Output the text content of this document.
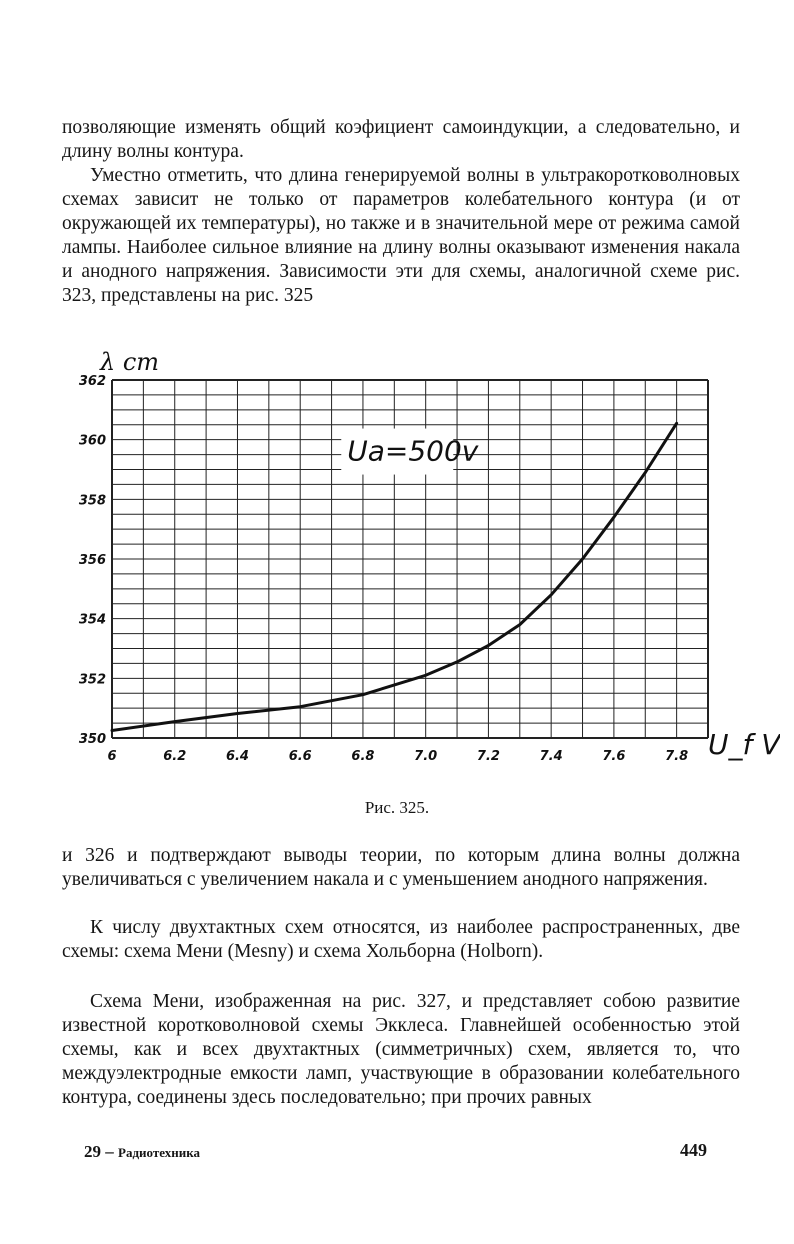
позволяющие изменять общий коэфициент самоиндукции, а следовательно, и длину волны контура.

Уместно отметить, что длина генерируемой волны в ультракоротковолновых схемах зависит не только от параметров колебательного контура (и от окружающей их температуры), но также и в значительной мере от режима самой лампы. Наиболее сильное влияние на длину волны оказывают изменения накала и анодного напряжения. Зависимости эти для схемы, аналогичной схеме рис. 323, представлены на рис. 325

350
352
354
356
358
360
362
6	6.2	6.4	6.6	6.8	7.0	7.2	7.4	7.6	7.8
Ua=500v
λ cm
U_f V
Рис. 325.

и 326 и подтверждают выводы теории, по которым длина волны должна увеличиваться с увеличением накала и с уменьшением анодного напряжения.

К числу двухтактных схем относятся, из наиболее распространенных, две схемы: схема Мени (Mesny) и схема Хольборна (Holborn).

Схема Мени, изображенная на рис. 327, и представляет собою развитие известной коротковолновой схемы Экклеса. Главнейшей особенностью этой схемы, как и всех двухтактных (симметричных) схем, является то, что междуэлектродные емкости ламп, участвующие в образовании колебательного контура, соединены здесь последовательно; при прочих равных

29 – Радиотехника	449
